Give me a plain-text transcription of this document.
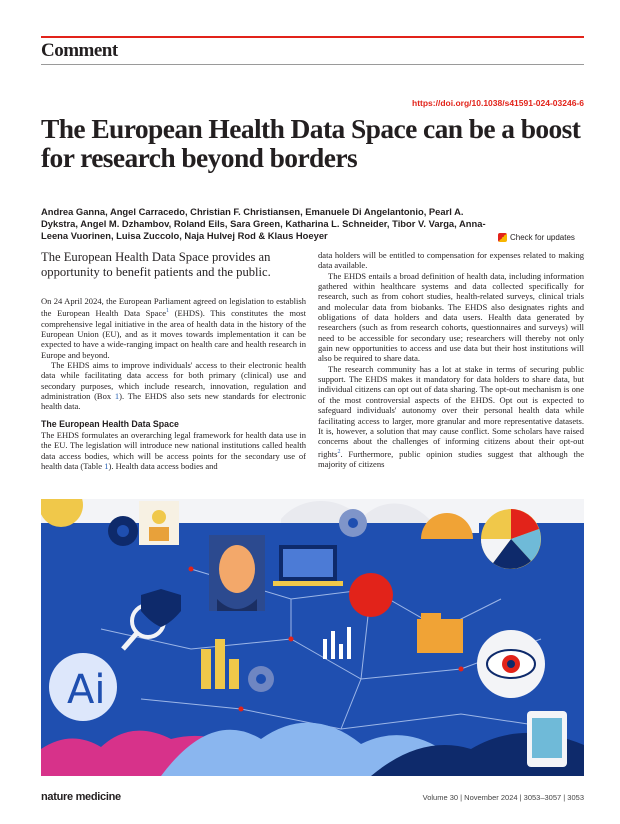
Comment
https://doi.org/10.1038/s41591-024-03246-6
The European Health Data Space can be a boost for research beyond borders
Andrea Ganna, Angel Carracedo, Christian F. Christiansen, Emanuele Di Angelantonio, Pearl A. Dykstra, Angel M. Dzhambov, Roland Eils, Sara Green, Katharina L. Schneider, Tibor V. Varga, Anna-Leena Vuorinen, Luisa Zuccolo, Naja Hulvej Rod & Klaus Hoeyer	Check for updates
The European Health Data Space provides an opportunity to benefit patients and the public.

On 24 April 2024, the European Parliament agreed on legislation to establish the European Health Data Space$^1$ (EHDS). This constitutes the most comprehensive legal initiative in the area of health data in the history of the European Union (EU), and as it moves towards implementation it can be expected to have a wide-ranging impact on health care and health research in Europe and beyond.

The EHDS aims to improve individuals' access to their electronic health data while facilitating data access for both primary (clinical) use and secondary purposes, which include research, innovation, regulation and administration (Box 1). The EHDS also sets new standards for electronic health data.

The European Health Data Space

The EHDS formulates an overarching legal framework for health data use in the EU. The legislation will introduce new national institutions called health data access bodies, which will be access points for the secondary use of health data (Table 1). Health data access bodies and

data holders will be entitled to compensation for expenses related to making data available.

The EHDS entails a broad definition of health data, including information gathered within healthcare systems and data collected specifically for research, such as from cohort studies, health-related surveys, clinical trials and molecular data from biobanks. The EHDS also designates rights and obligations of data holders and data users. Health data generated by researchers (such as from research cohorts, questionnaires and surveys) will need to be accessible for secondary use; researchers will thereby not only gain new opportunities to access and use data but their host institutions will also be required to share data.

The research community has a lot at stake in terms of securing public support. The EHDS makes it mandatory for data holders to share data, but individual citizens can opt out of data sharing. The opt-out mechanism is one of the most controversial aspects of the EHDS. Opt out is expected to safeguard individuals' autonomy over their personal health data while facilitating access to larger, more granular and more representative datasets. It is, however, a solution that may cause conflict. Some scholars have raised concerns about the challenges of informing citizens about their opt-out rights$^2$. Furthermore, public opinion studies suggest that although the majority of citizens

Ai
nature medicine	Volume 30 | November 2024 | 3053–3057 | 3053
